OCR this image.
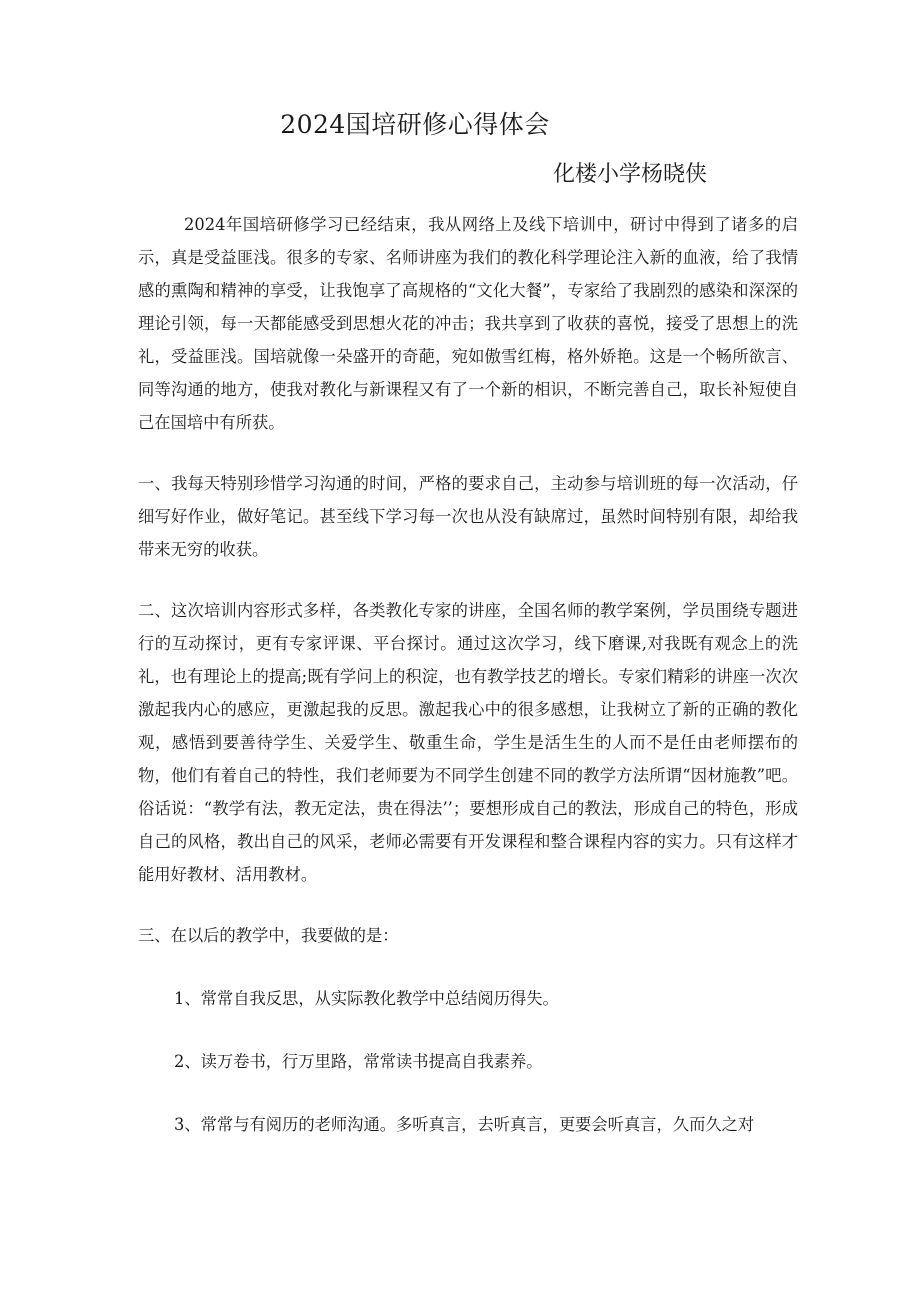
2024国培研修心得体会

化楼小学杨晓侠

2024年国培研修学习已经结束，我从网络上及线下培训中，研讨中得到了诸多的启示，真是受益匪浅。很多的专家、名师讲座为我们的教化科学理论注入新的血液，给了我情感的熏陶和精神的享受，让我饱享了高规格的“文化大餐”，专家给了我剧烈的感染和深深的理论引领，每一天都能感受到思想火花的冲击；我共享到了收获的喜悦，接受了思想上的洗礼，受益匪浅。国培就像一朵盛开的奇葩，宛如傲雪红梅，格外娇艳。这是一个畅所欲言、同等沟通的地方，使我对教化与新课程又有了一个新的相识，不断完善自己，取长补短使自己在国培中有所获。

一、我每天特别珍惜学习沟通的时间，严格的要求自己，主动参与培训班的每一次活动，仔细写好作业，做好笔记。甚至线下学习每一次也从没有缺席过，虽然时间特别有限，却给我带来无穷的收获。

二、这次培训内容形式多样，各类教化专家的讲座，全国名师的教学案例，学员围绕专题进行的互动探讨，更有专家评课、平台探讨。通过这次学习，线下磨课,对我既有观念上的洗礼，也有理论上的提高;既有学问上的积淀，也有教学技艺的增长。专家们精彩的讲座一次次激起我内心的感应，更激起我的反思。激起我心中的很多感想，让我树立了新的正确的教化观，感悟到要善待学生、关爱学生、敬重生命，学生是活生生的人而不是任由老师摆布的物，他们有着自己的特性，我们老师要为不同学生创建不同的教学方法所谓“因材施教”吧。俗话说：“教学有法，教无定法，贵在得法’’；要想形成自己的教法，形成自己的特色，形成自己的风格，教出自己的风采，老师必需要有开发课程和整合课程内容的实力。只有这样才能用好教材、活用教材。

三、在以后的教学中，我要做的是：

1、常常自我反思，从实际教化教学中总结阅历得失。

2、读万卷书，行万里路，常常读书提高自我素养。

3、常常与有阅历的老师沟通。多听真言，去听真言，更要会听真言，久而久之对
